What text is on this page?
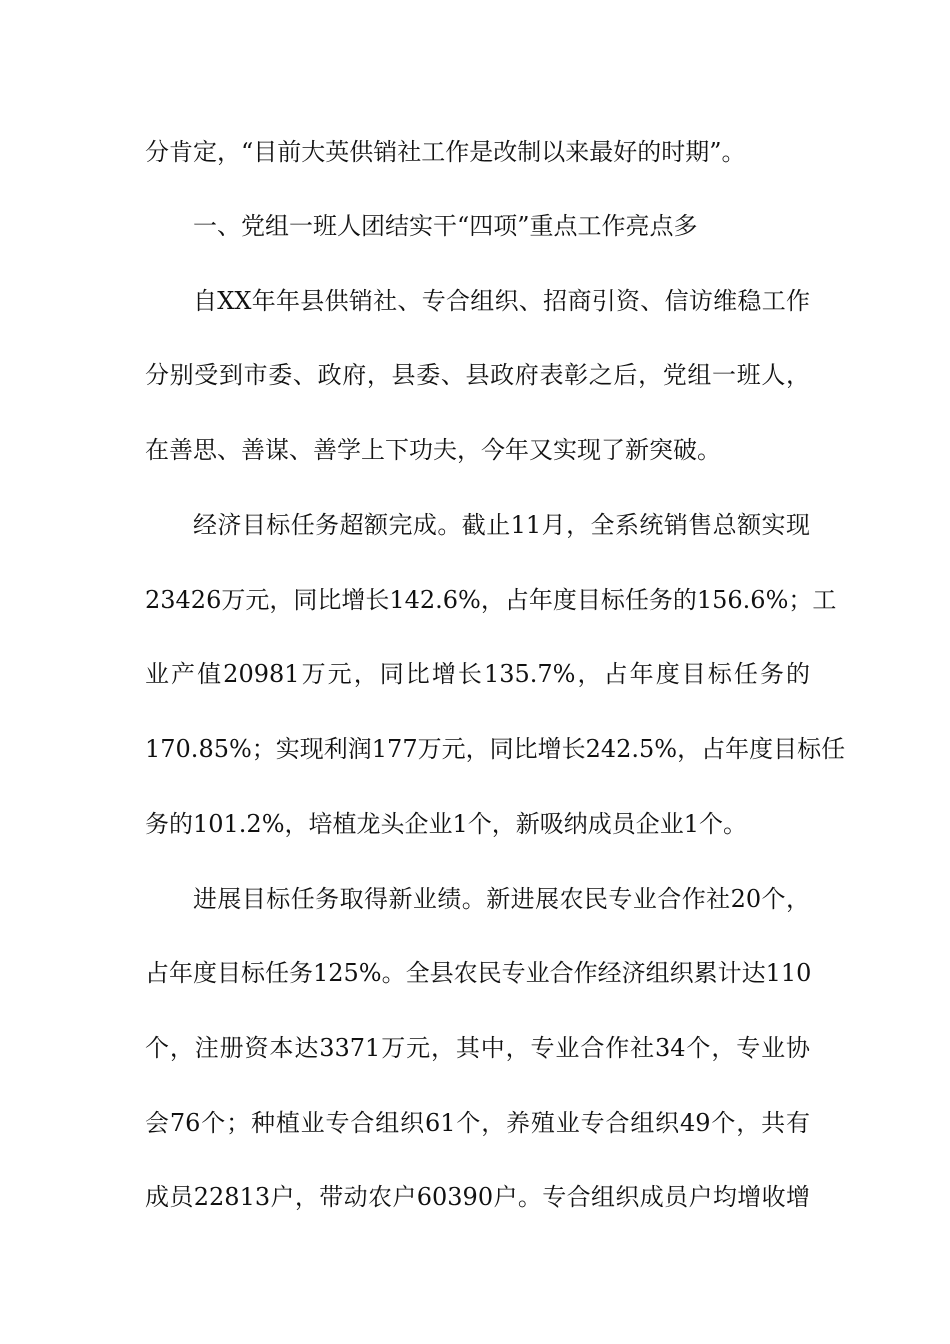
分肯定，“目前大英供销社工作是改制以来最好的时期”。
一、党组一班人团结实干“四项”重点工作亮点多
自XX年年县供销社、专合组织、招商引资、信访维稳工作
分别受到市委、政府，县委、县政府表彰之后，党组一班人，
在善思、善谋、善学上下功夫，今年又实现了新突破。
经济目标任务超额完成。截止11月，全系统销售总额实现
23426万元，同比增长142.6%，占年度目标任务的156.6%；工
业产值20981万元，同比增长135.7%，占年度目标任务的
170.85%；实现利润177万元，同比增长242.5%，占年度目标任
务的101.2%，培植龙头企业1个，新吸纳成员企业1个。
进展目标任务取得新业绩。新进展农民专业合作社20个，
占年度目标任务125%。全县农民专业合作经济组织累计达110
个，注册资本达3371万元，其中，专业合作社34个，专业协
会76个；种植业专合组织61个，养殖业专合组织49个，共有
成员22813户，带动农户60390户。专合组织成员户均增收增
